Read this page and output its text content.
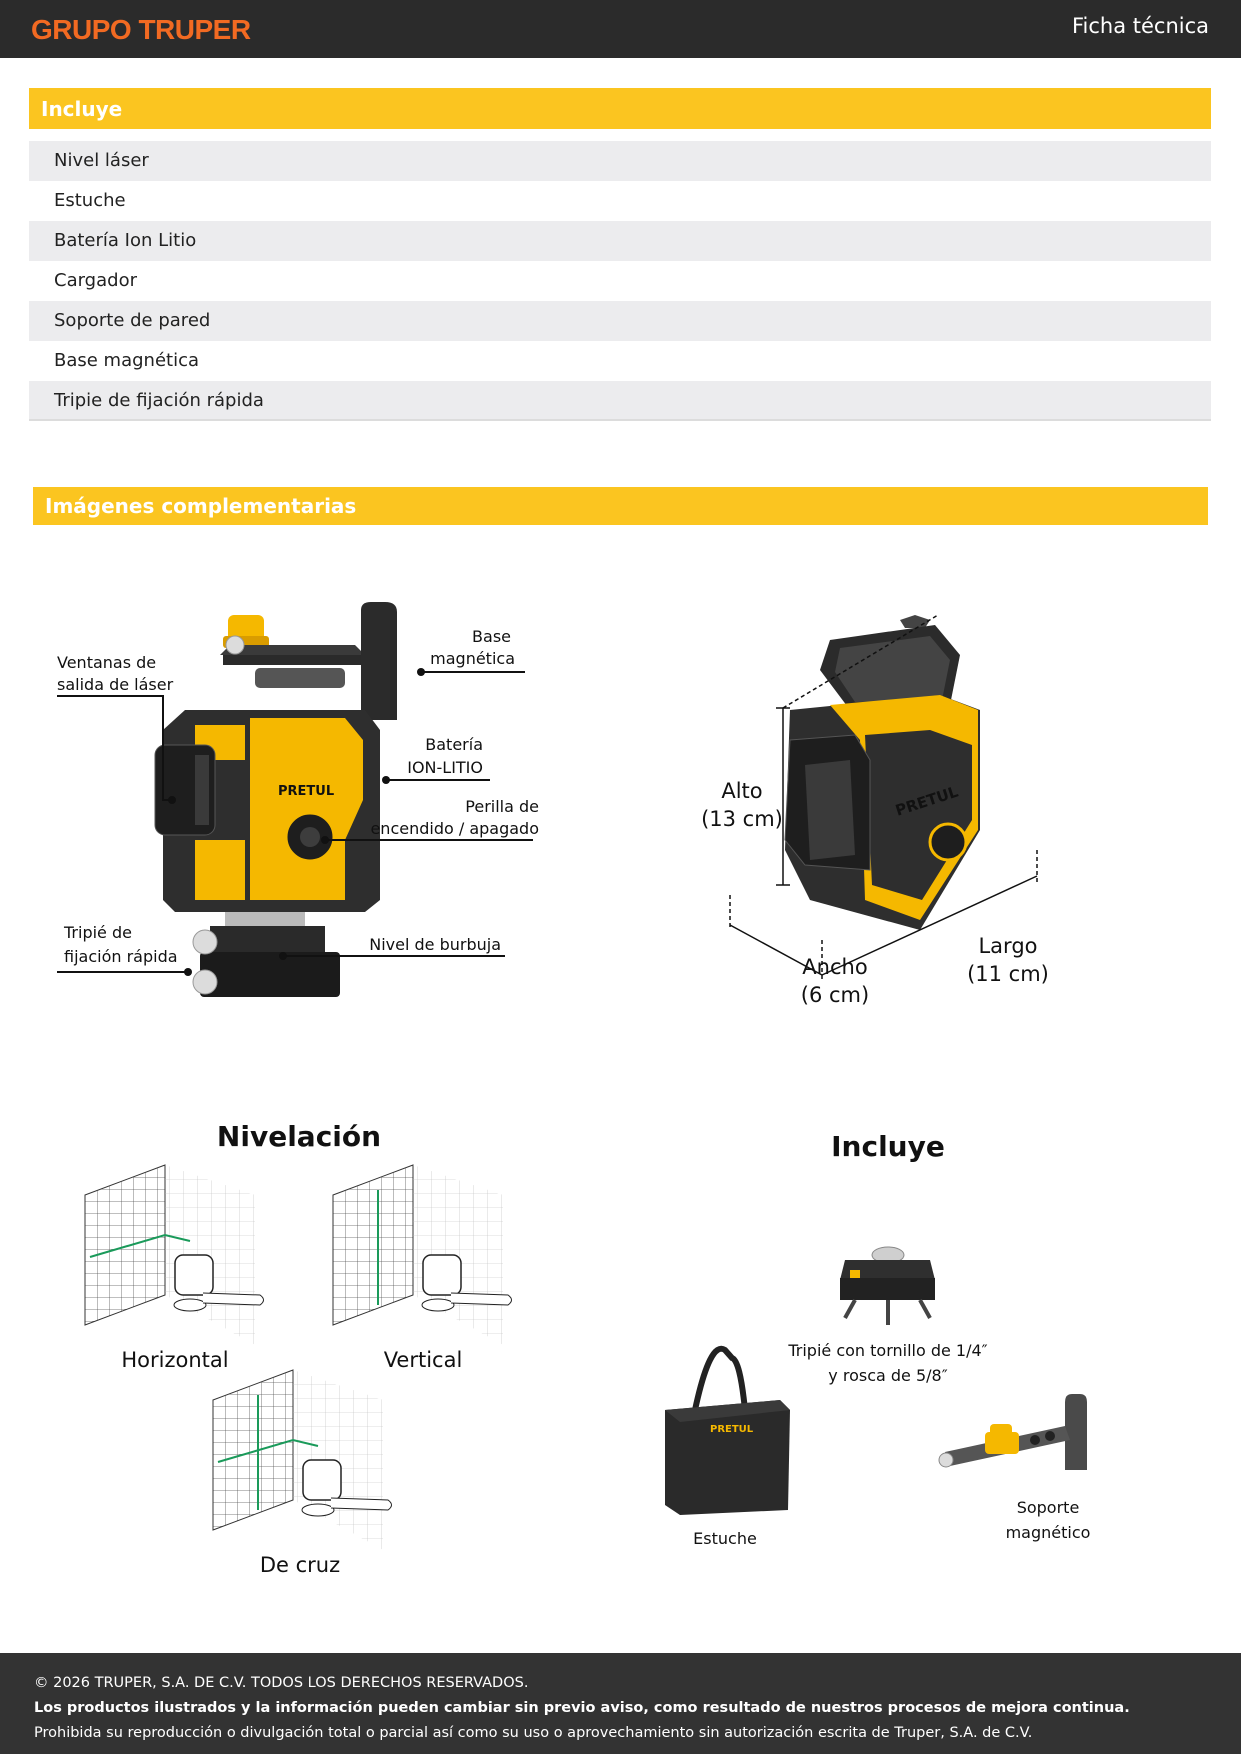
GRUPO TRUPER	Ficha técnica
Incluye
Nivel láser
Estuche
Batería Ion Litio
Cargador
Soporte de pared
Base magnética
Tripie de fijación rápida
Imágenes complementarias
PRETUL
Ventanas de
salida de láser
Base
magnética
Batería
ION-LITIO
Perilla de
encendido / apagado
Tripié de
fijación rápida
Nivel de burbuja
PRETUL
Alto
(13 cm)
Ancho
(6 cm)
Largo
(11 cm)
Nivelación
Horizontal	Vertical
De cruz
Incluye
Tripié con tornillo de 1/4″
y rosca de 5/8″
PRETUL
Estuche
Soporte
magnético

© 2026 TRUPER, S.A. DE C.V. TODOS LOS DERECHOS RESERVADOS.

Los productos ilustrados y la información pueden cambiar sin previo aviso, como resultado de nuestros procesos de mejora continua.

Prohibida su reproducción o divulgación total o parcial así como su uso o aprovechamiento sin autorización escrita de Truper, S.A. de C.V.
